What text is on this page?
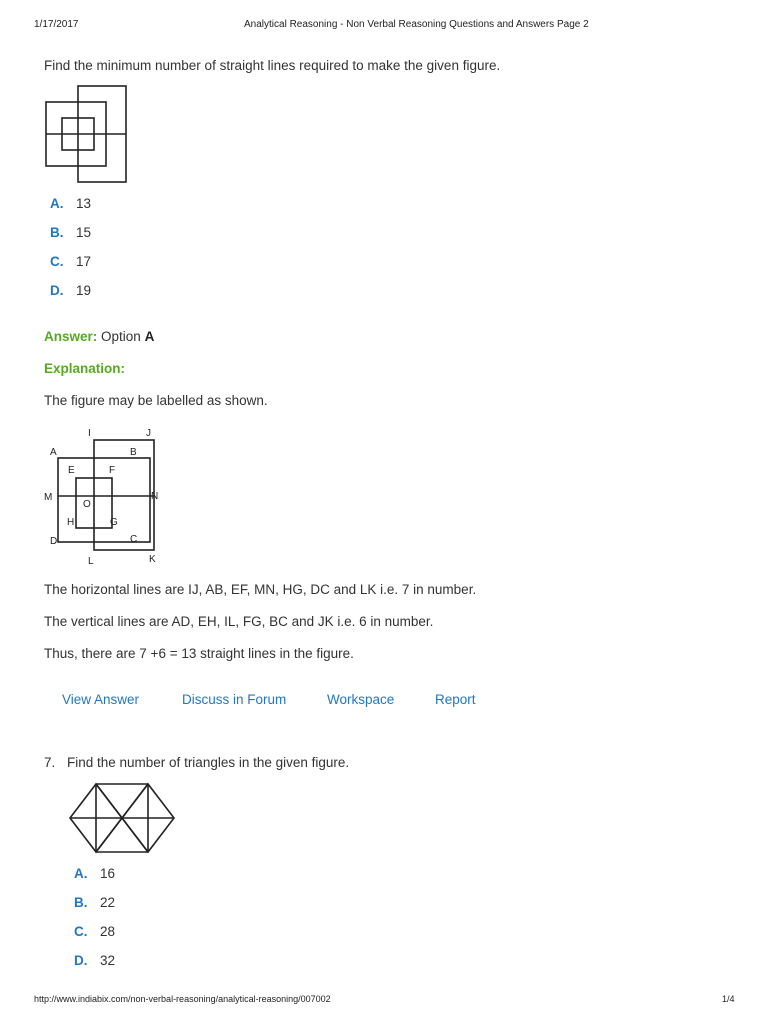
1/17/2017	Analytical Reasoning - Non Verbal Reasoning Questions and Answers Page 2
Find the minimum number of straight lines required to make the given figure.
A. 13
B. 15
C. 17
D. 19
Answer: Option A
Explanation:
The figure may be labelled as shown.
I	J
A	B
E	F
M	N
O
H	G
D	C
L	K
The horizontal lines are IJ, AB, EF, MN, HG, DC and LK i.e. 7 in number.
The vertical lines are AD, EH, IL, FG, BC and JK i.e. 6 in number.
Thus, there are 7 +6 = 13 straight lines in the figure.
View Answer	Discuss in Forum	Workspace	Report
7. Find the number of triangles in the given figure.
A. 16
B. 22
C. 28
D. 32
http://www.indiabix.com/non-verbal-reasoning/analytical-reasoning/007002	1/4
